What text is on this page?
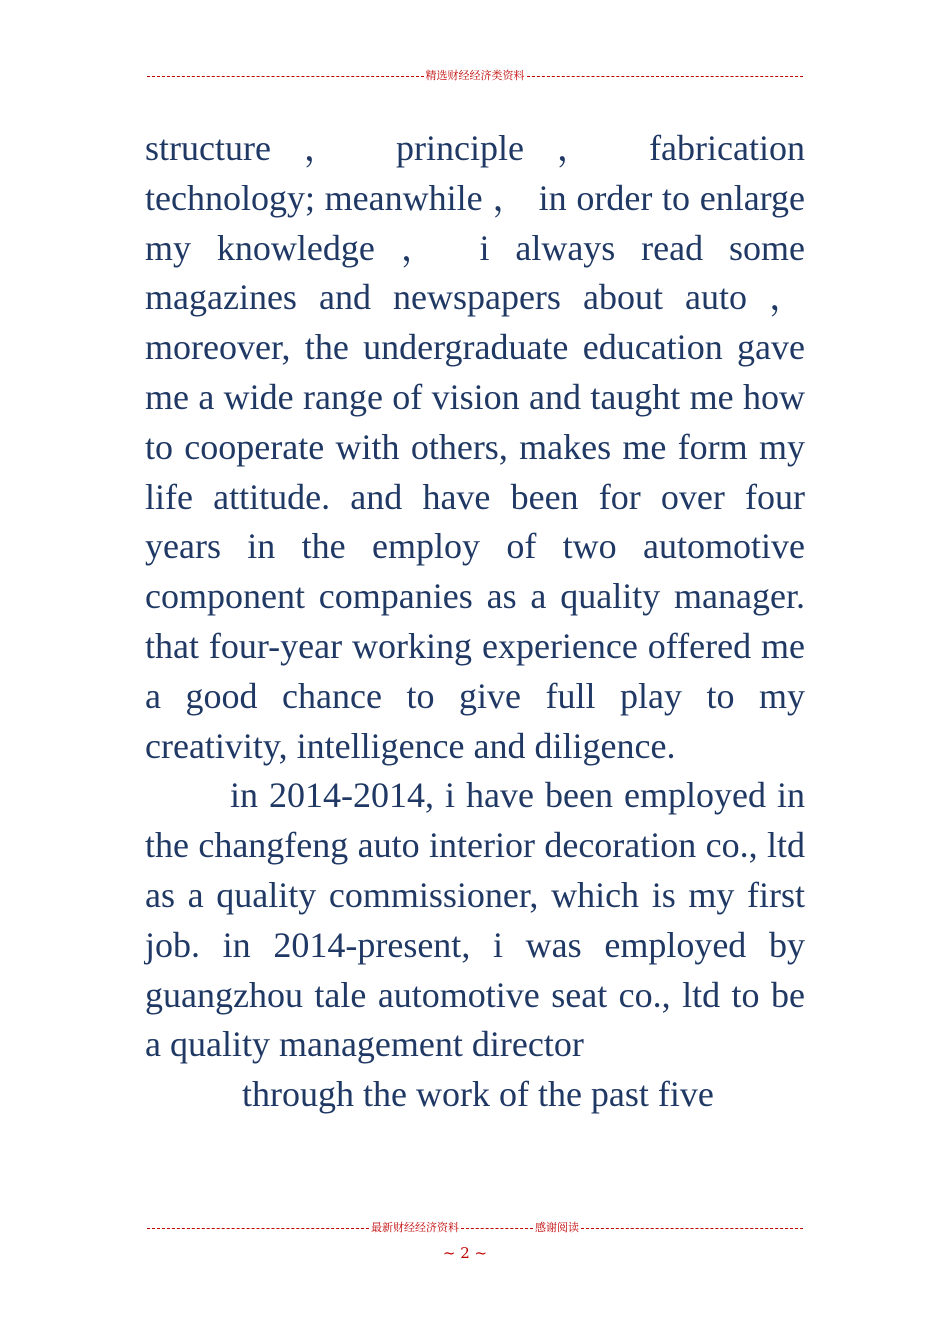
精选财经经济类资料

structure ， principle ， fabrication technology; meanwhile ， in order to enlarge my knowledge ， i always read some magazines and newspapers about auto ， moreover, the undergraduate education gave me a wide range of vision and taught me how to cooperate with others, makes me form my life attitude. and have been for over four years in the employ of two automotive component companies as a quality manager. that four-year working experience offered me a good chance to give full play to my creativity, intelligence and diligence.

in 2014-2014, i have been employed in the changfeng auto interior decoration co., ltd as a quality commissioner, which is my first job. in 2014-present, i was employed by guangzhou tale automotive seat co., ltd to be a quality management director

through the work of the past five

最新财经经济资料	感谢阅读
~ 2 ~
